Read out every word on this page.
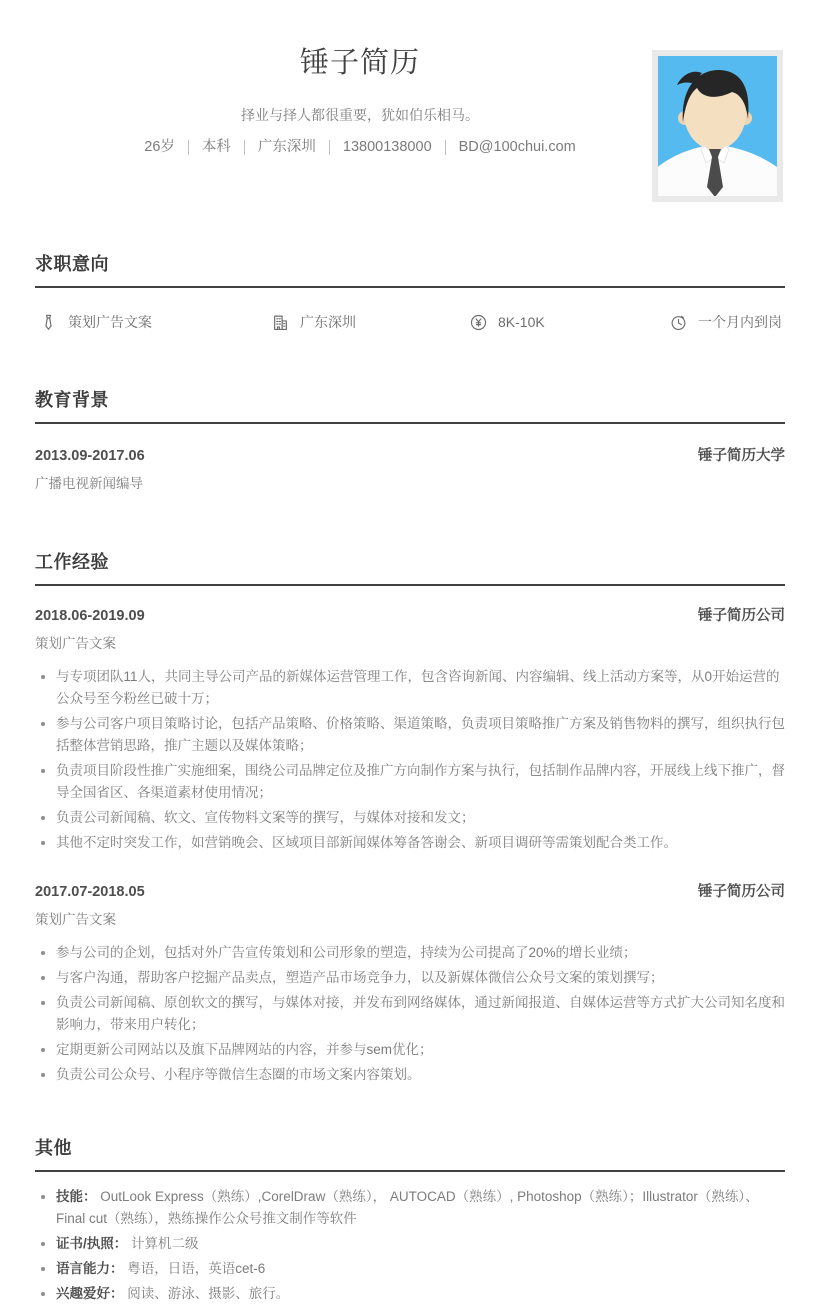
锤子简历

择业与择人都很重要，犹如伯乐相马。

26岁 本科 广东深圳 13800138000 BD@100chui.com
求职意向
策划广告文案	广东深圳	8K-10K	一个月内到岗
教育背景
2013.09-2017.06	锤子简历大学
广播电视新闻编导
工作经验
2018.06-2019.09	锤子简历公司
策划广告文案
与专项团队11人，共同主导公司产品的新媒体运营管理工作，包含咨询新闻、内容编辑、线上活动方案等，从0开始运营的公众号至今粉丝已破十万；
参与公司客户项目策略讨论，包括产品策略、价格策略、渠道策略，负责项目策略推广方案及销售物料的撰写，组织执行包括整体营销思路，推广主题以及媒体策略；
负责项目阶段性推广实施细案，围绕公司品牌定位及推广方向制作方案与执行，包括制作品牌内容，开展线上线下推广，督导全国省区、各渠道素材使用情况；
负责公司新闻稿、软文、宣传物料文案等的撰写，与媒体对接和发文；
其他不定时突发工作，如营销晚会、区域项目部新闻媒体筹备答谢会、新项目调研等需策划配合类工作。
2017.07-2018.05	锤子简历公司
策划广告文案
参与公司的企划，包括对外广告宣传策划和公司形象的塑造，持续为公司提高了20%的增长业绩；
与客户沟通，帮助客户挖掘产品卖点，塑造产品市场竞争力，以及新媒体微信公众号文案的策划撰写；
负责公司新闻稿、原创软文的撰写，与媒体对接，并发布到网络媒体，通过新闻报道、自媒体运营等方式扩大公司知名度和影响力，带来用户转化；
定期更新公司网站以及旗下品牌网站的内容，并参与sem优化；
负责公司公众号、小程序等微信生态圈的市场文案内容策划。
其他
技能： OutLook Express（熟练）,CorelDraw（熟练）， AUTOCAD（熟练）, Photoshop（熟练）；Illustrator（熟练）、 Final cut（熟练），熟练操作公众号推文制作等软件
证书/执照： 计算机二级
语言能力： 粤语，日语，英语cet-6
兴趣爱好： 阅读、游泳、摄影、旅行。
